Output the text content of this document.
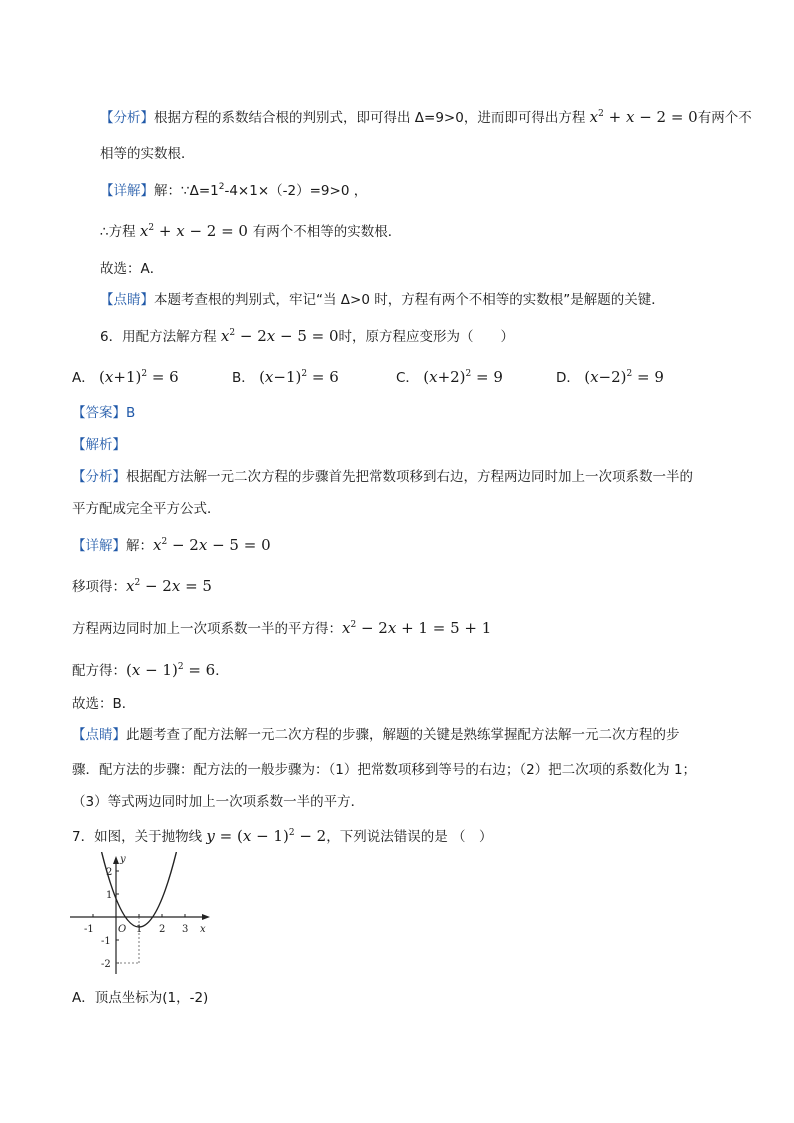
【分析】根据方程的系数结合根的判别式，即可得出 Δ=9>0，进而即可得出方程 $x^2 + x - 2 = 0$有两个不
相等的实数根．
【详解】解：$\because\Delta=1^2-4\times 1\times(-2)=9>0$ ，
∴方程 $x^2 + x - 2 = 0$ 有两个不相等的实数根．
故选：A．
【点睛】本题考查根的判别式，牢记“当 Δ>0 时，方程有两个不相等的实数根”是解题的关键．
6．用配方法解方程 $x^2 - 2x - 5 = 0$时，原方程应变形为（　　）
A． $(x+1)^2 = 6$	B． $(x-1)^2 = 6$	C． $(x+2)^2 = 9$	D． $(x-2)^2 = 9$
【答案】B
【解析】
【分析】根据配方法解一元二次方程的步骤首先把常数项移到右边，方程两边同时加上一次项系数一半的
平方配成完全平方公式．
【详解】解：$x^2 - 2x - 5 = 0$
移项得：$x^2 - 2x = 5$
方程两边同时加上一次项系数一半的平方得：$x^2 - 2x + 1 = 5 + 1$
配方得：$(x - 1)^2 = 6$．
故选：B．
【点睛】此题考查了配方法解一元二次方程的步骤，解题的关键是熟练掌握配方法解一元二次方程的步
骤．配方法的步骤：配方法的一般步骤为：（1）把常数项移到等号的右边；（2）把二次项的系数化为 1；
（3）等式两边同时加上一次项系数一半的平方．
7．如图，关于抛物线 $y = (x - 1)^2 - 2$，下列说法错误的是 （　）
x
y
O
-1	1 2 3
2
1
-1
-2
A．顶点坐标为(1，-2)
